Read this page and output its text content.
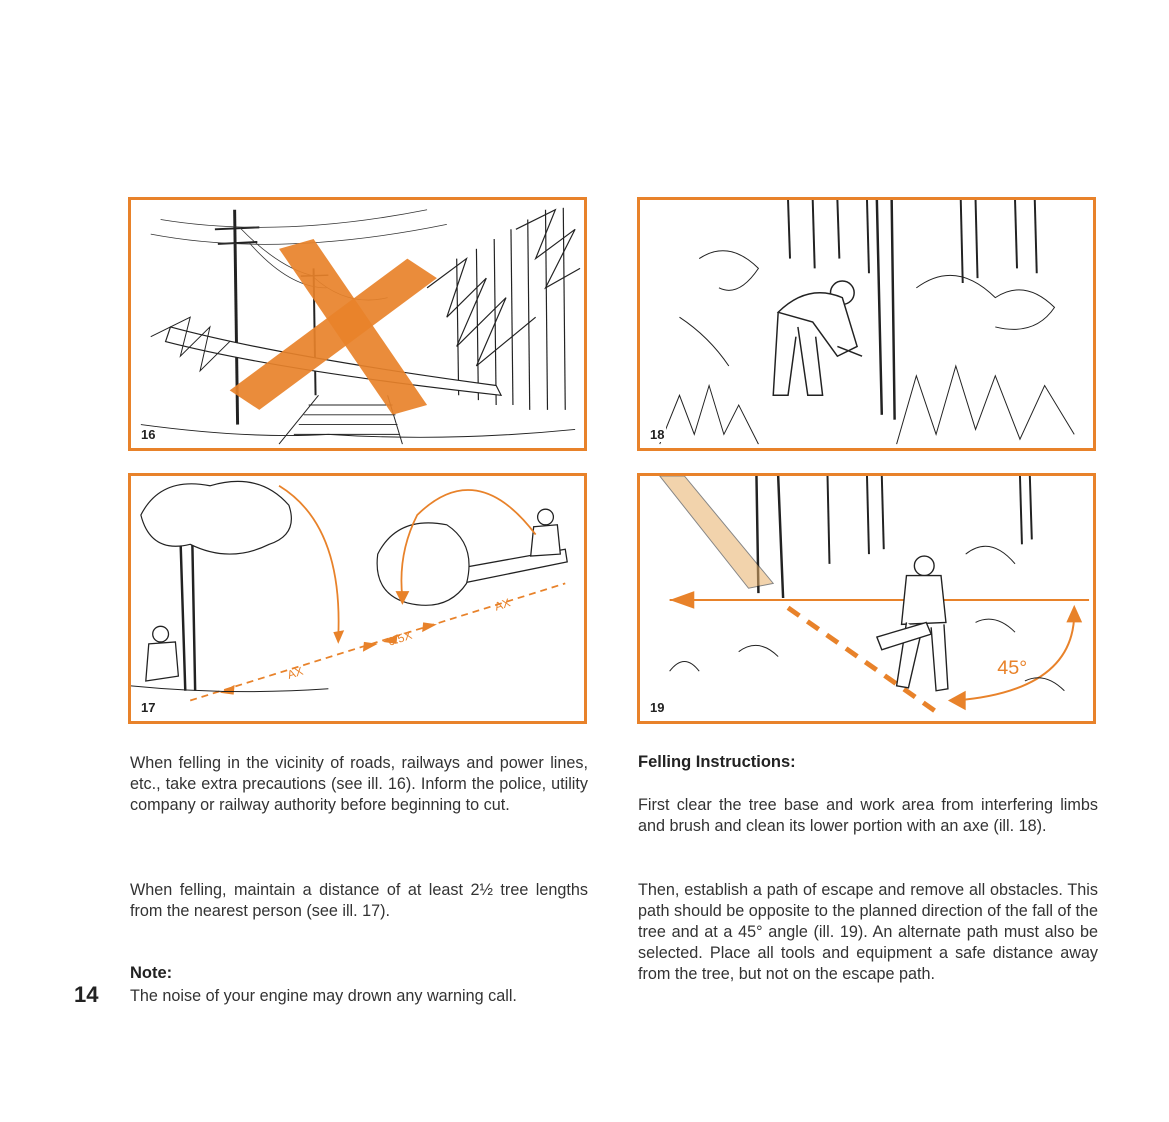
16	18
AX
0.5X
AX
17
45°
19
When felling in the vicinity of roads, railways and power lines, etc., take extra precautions (see ill. 16). Inform the police, utility company or railway authority before beginning to cut.
When felling, maintain a distance of at least 2½ tree lengths from the nearest person (see ill. 17).
Note:
14 The noise of your engine may drown any warning call.
Felling Instructions:
First clear the tree base and work area from interfering limbs and brush and clean its lower portion with an axe (ill. 18).
Then, establish a path of escape and remove all obstacles. This path should be opposite to the planned direction of the fall of the tree and at a 45° angle (ill. 19). An alternate path must also be selected. Place all tools and equipment a safe distance away from the tree, but not on the escape path.
